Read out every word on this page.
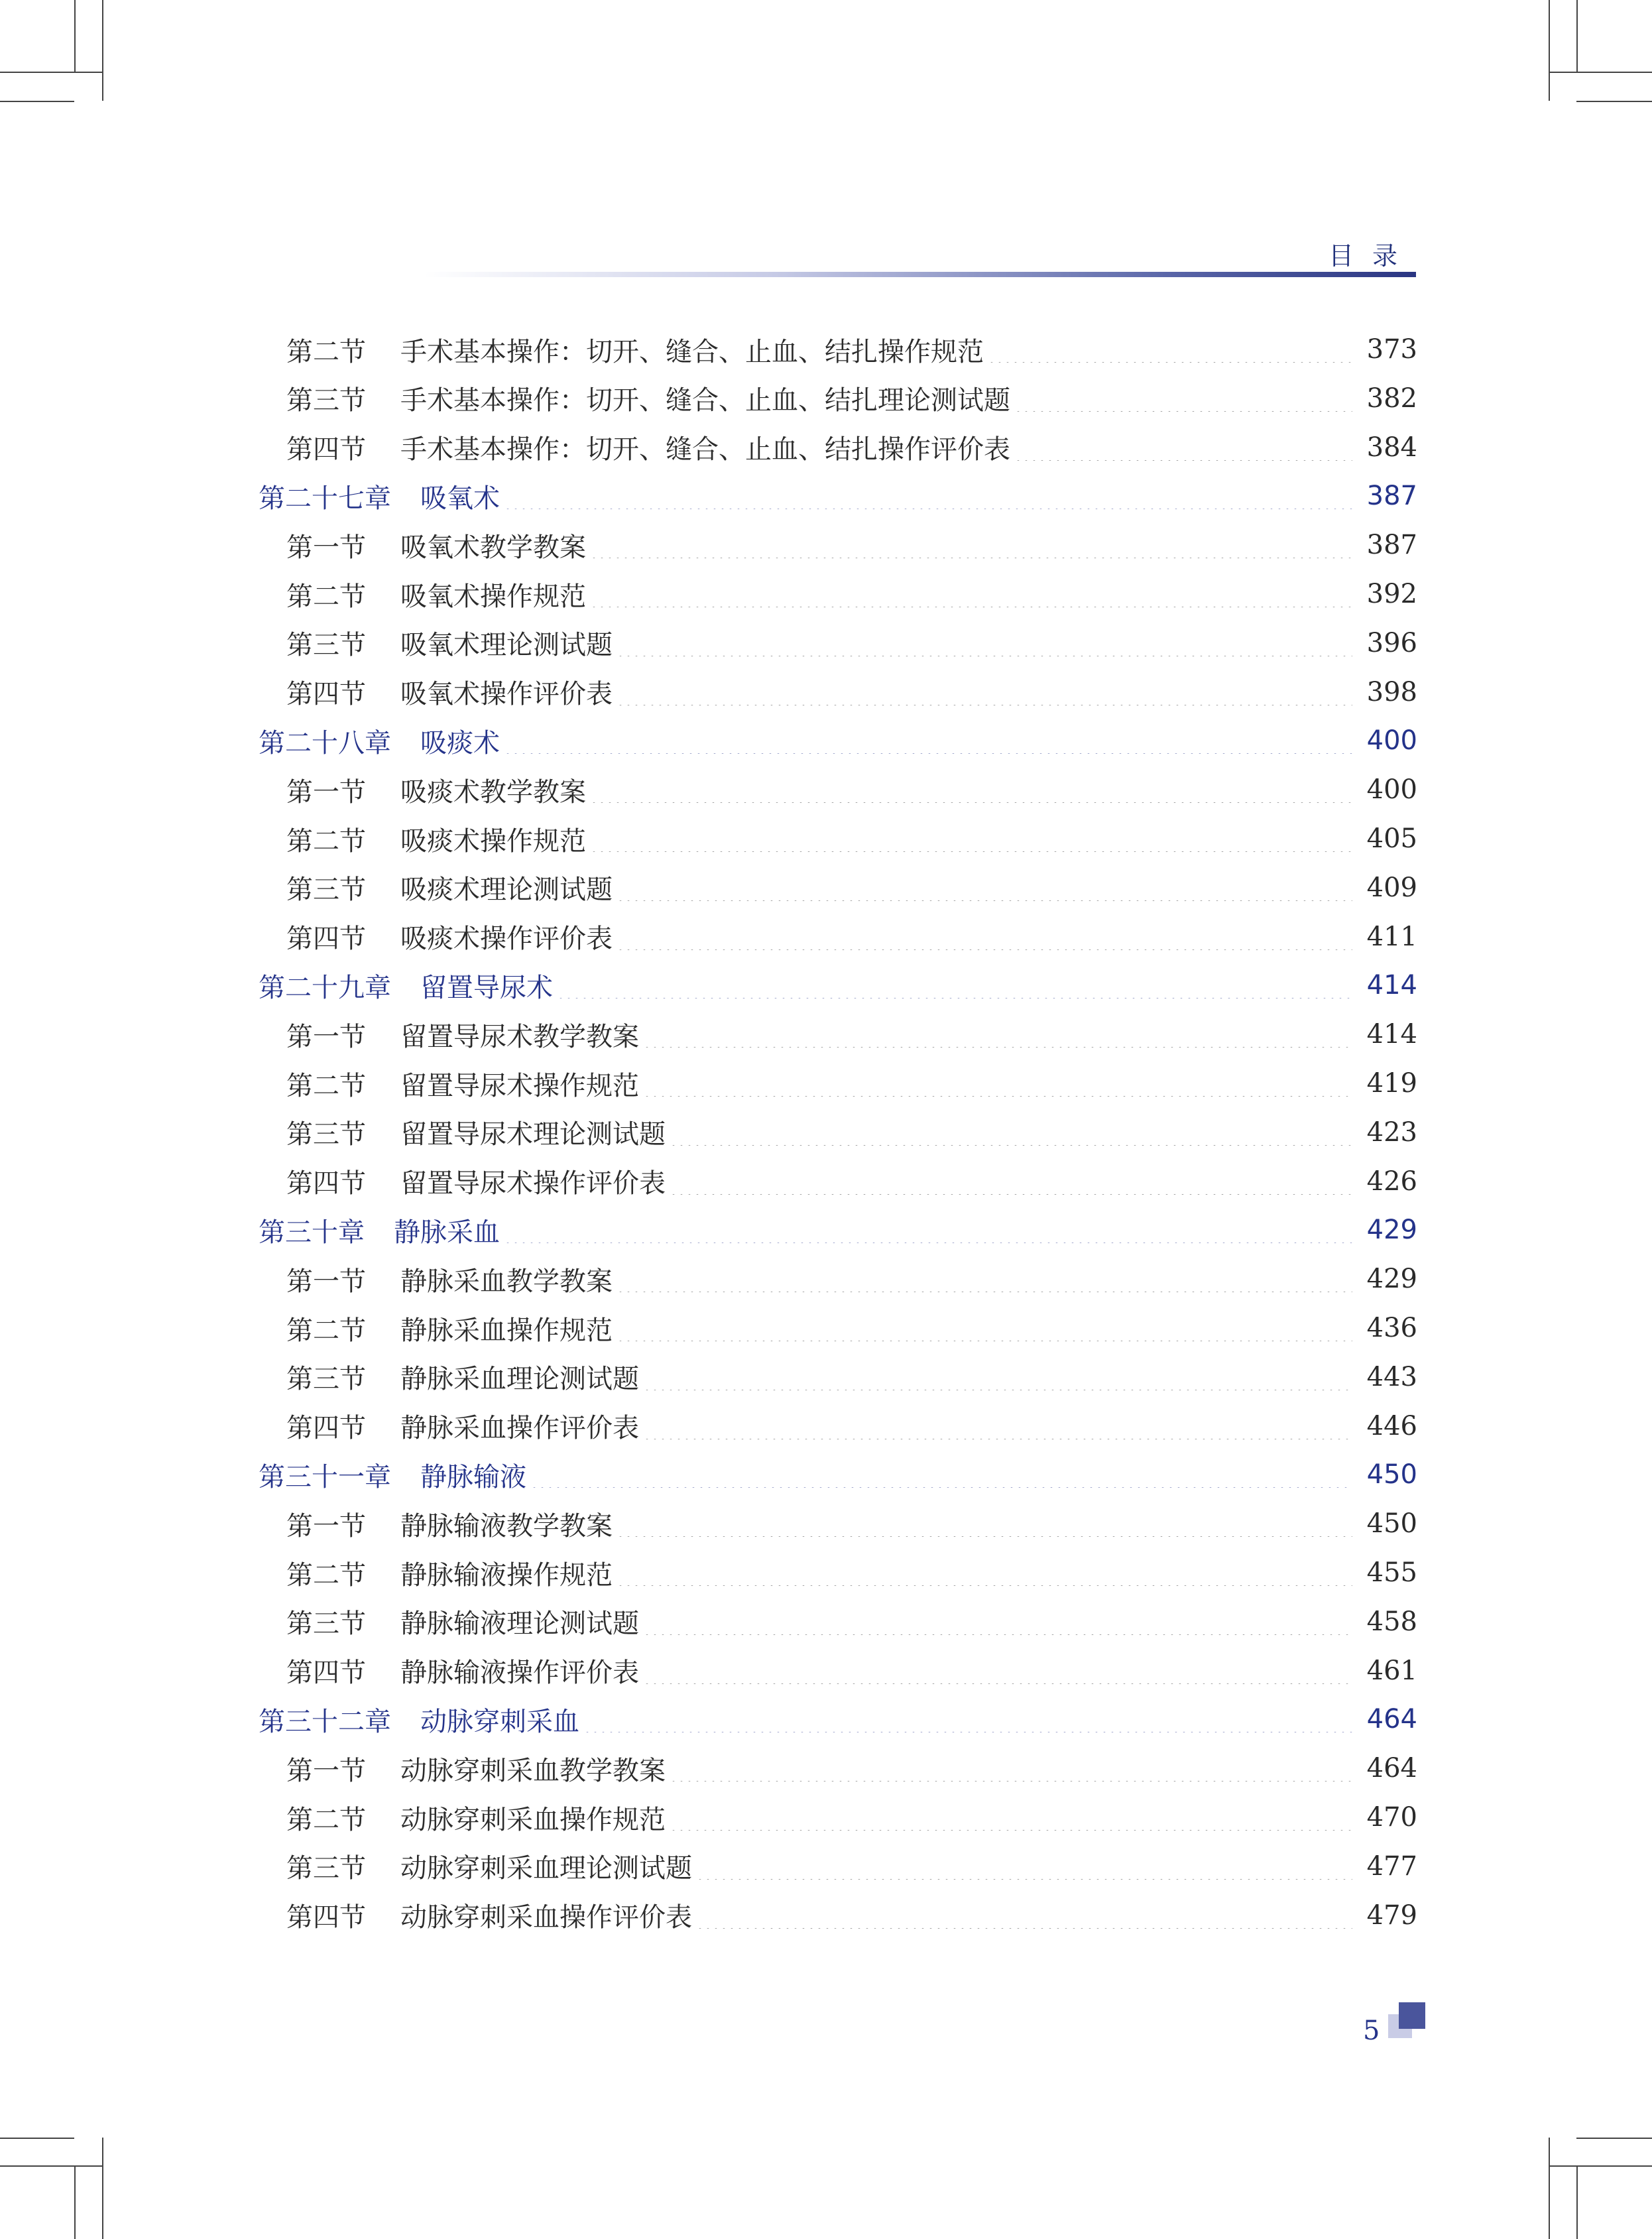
目录
第二节	手术基本操作：切开、缝合、止血、结扎操作规范	373
第三节	手术基本操作：切开、缝合、止血、结扎理论测试题	382
第四节	手术基本操作：切开、缝合、止血、结扎操作评价表	384
第二十七章 吸氧术	387
第一节	吸氧术教学教案	387
第二节	吸氧术操作规范	392
第三节	吸氧术理论测试题	396
第四节	吸氧术操作评价表	398
第二十八章 吸痰术	400
第一节	吸痰术教学教案	400
第二节	吸痰术操作规范	405
第三节	吸痰术理论测试题	409
第四节	吸痰术操作评价表	411
第二十九章 留置导尿术	414
第一节	留置导尿术教学教案	414
第二节	留置导尿术操作规范	419
第三节	留置导尿术理论测试题	423
第四节	留置导尿术操作评价表	426
第三十章 静脉采血	429
第一节	静脉采血教学教案	429
第二节	静脉采血操作规范	436
第三节	静脉采血理论测试题	443
第四节	静脉采血操作评价表	446
第三十一章 静脉输液	450
第一节	静脉输液教学教案	450
第二节	静脉输液操作规范	455
第三节	静脉输液理论测试题	458
第四节	静脉输液操作评价表	461
第三十二章 动脉穿刺采血	464
第一节	动脉穿刺采血教学教案	464
第二节	动脉穿刺采血操作规范	470
第三节	动脉穿刺采血理论测试题	477
第四节	动脉穿刺采血操作评价表	479
5
